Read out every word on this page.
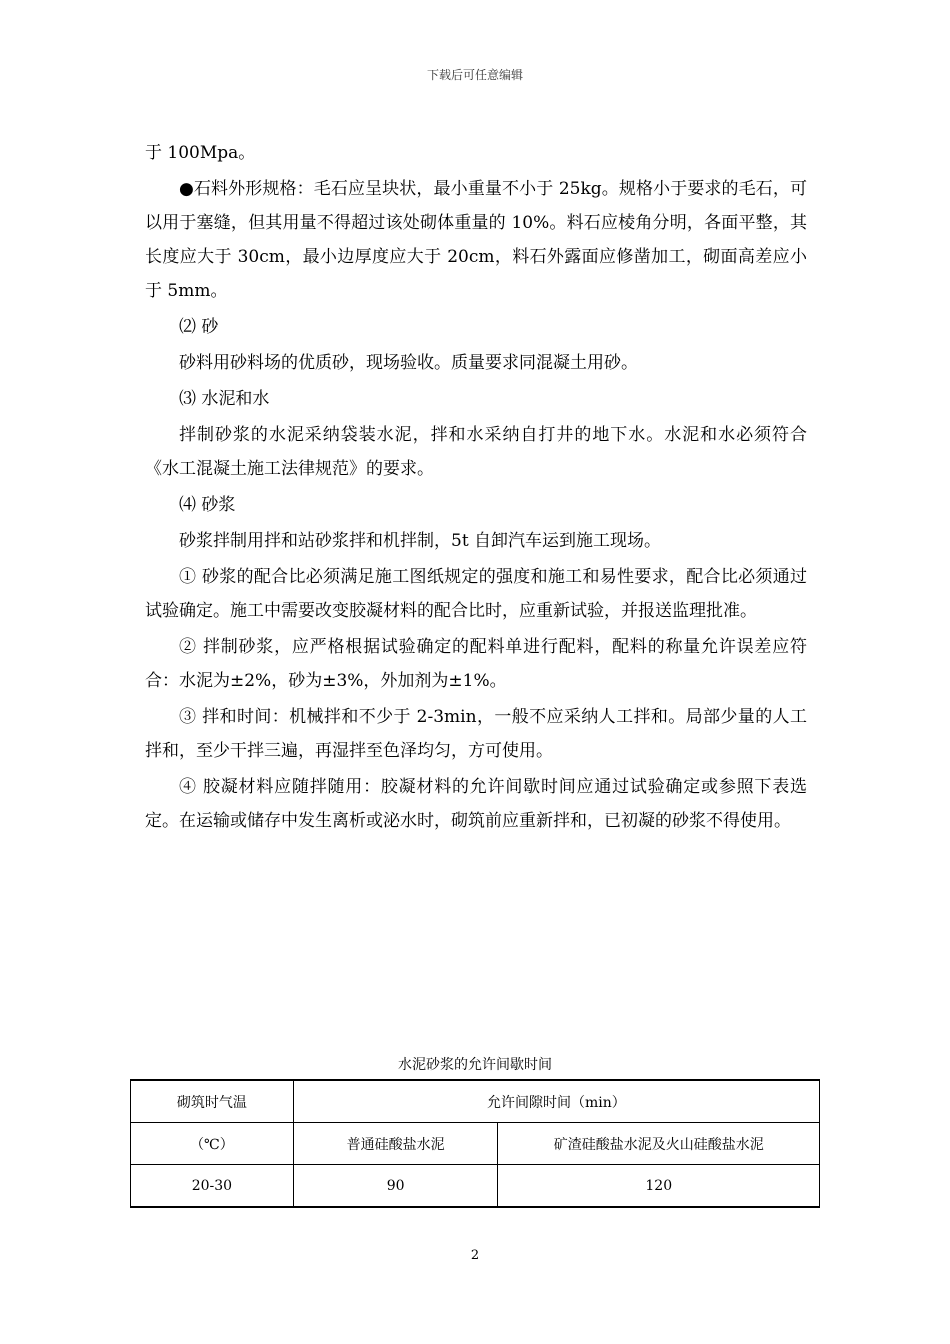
下载后可任意编辑

于 100Mpa。

●石料外形规格：毛石应呈块状，最小重量不小于 25kg。规格小于要求的毛石，可以用于塞缝，但其用量不得超过该处砌体重量的 10%。料石应棱角分明，各面平整，其长度应大于 30cm，最小边厚度应大于 20cm，料石外露面应修凿加工，砌面高差应小于 5mm。

⑵ 砂

砂料用砂料场的优质砂，现场验收。质量要求同混凝土用砂。

⑶ 水泥和水

拌制砂浆的水泥采纳袋装水泥，拌和水采纳自打井的地下水。水泥和水必须符合《水工混凝土施工法律规范》的要求。

⑷ 砂浆

砂浆拌制用拌和站砂浆拌和机拌制，5t 自卸汽车运到施工现场。

① 砂浆的配合比必须满足施工图纸规定的强度和施工和易性要求，配合比必须通过试验确定。施工中需要改变胶凝材料的配合比时，应重新试验，并报送监理批准。

② 拌制砂浆，应严格根据试验确定的配料单进行配料，配料的称量允许误差应符合：水泥为±2%，砂为±3%，外加剂为±1%。

③ 拌和时间：机械拌和不少于 2-3min，一般不应采纳人工拌和。局部少量的人工拌和，至少干拌三遍，再湿拌至色泽均匀，方可使用。

④ 胶凝材料应随拌随用：胶凝材料的允许间歇时间应通过试验确定或参照下表选定。在运输或储存中发生离析或泌水时，砌筑前应重新拌和，已初凝的砂浆不得使用。

水泥砂浆的允许间歇时间
砌筑时气温	允许间隙时间（min）	
（℃）	普通硅酸盐水泥	矿渣硅酸盐水泥及火山硅酸盐水泥
20-30	90	120
2
